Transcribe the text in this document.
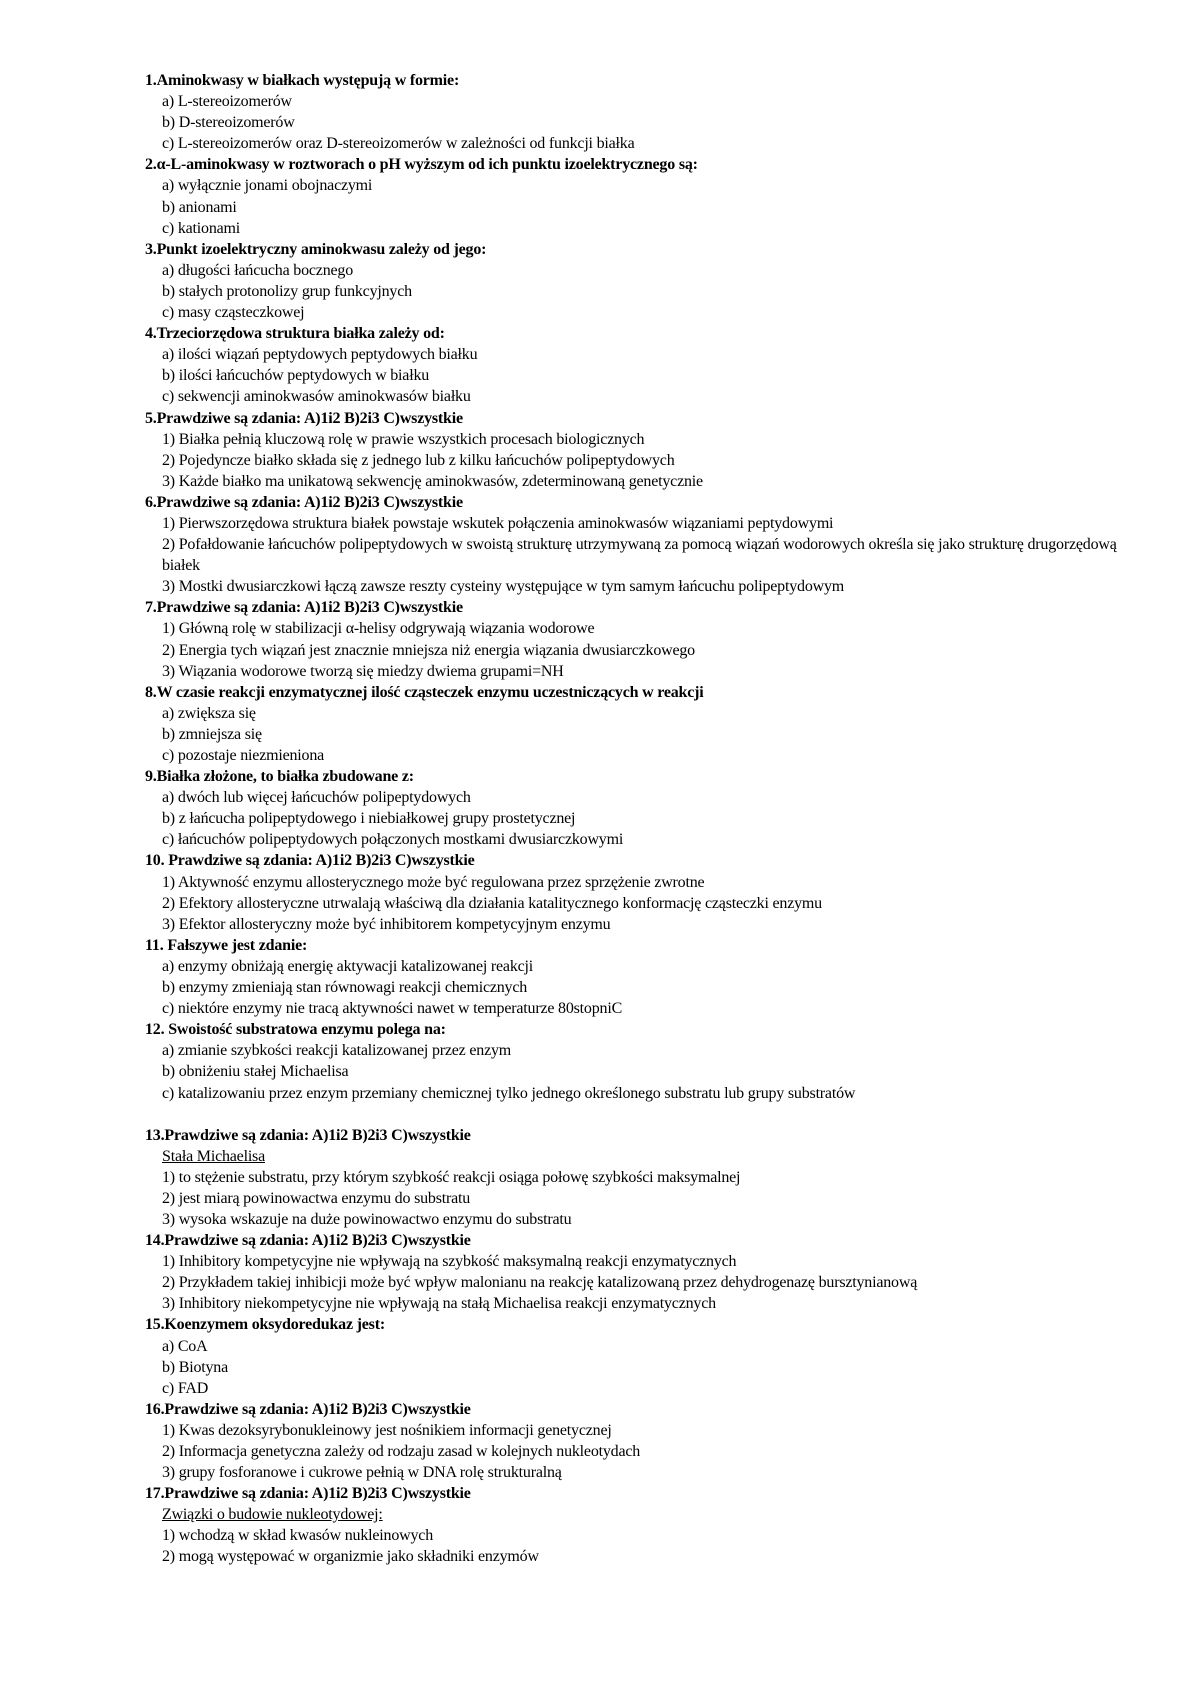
1.Aminokwasy w białkach występują w formie:
a) L-stereoizomerów
b) D-stereoizomerów
c) L-stereoizomerów oraz D-stereoizomerów w zależności od funkcji białka
2.α-L-aminokwasy w roztworach o pH wyższym od ich punktu izoelektrycznego są:
a) wyłącznie jonami obojnaczymi
b) anionami
c) kationami
3.Punkt izoelektryczny aminokwasu zależy od jego:
a) długości łańcucha bocznego
b) stałych protonolizy grup funkcyjnych
c) masy cząsteczkowej
4.Trzeciorzędowa struktura białka zależy od:
a) ilości wiązań peptydowych peptydowych białku
b) ilości łańcuchów peptydowych w białku
c) sekwencji aminokwasów aminokwasów białku
5.Prawdziwe są zdania: A)1i2 B)2i3 C)wszystkie
1) Białka pełnią kluczową rolę w prawie wszystkich procesach biologicznych
2) Pojedyncze białko składa się z jednego lub z kilku łańcuchów polipeptydowych
3) Każde białko ma unikatową sekwencję aminokwasów, zdeterminowaną genetycznie
6.Prawdziwe są zdania: A)1i2 B)2i3 C)wszystkie
1) Pierwszorzędowa struktura białek powstaje wskutek połączenia aminokwasów wiązaniami peptydowymi
2) Pofałdowanie łańcuchów polipeptydowych w swoistą strukturę utrzymywaną za pomocą wiązań wodorowych określa się jako strukturę drugorzędową białek
3) Mostki dwusiarczkowi łączą zawsze reszty cysteiny występujące w tym samym łańcuchu polipeptydowym
7.Prawdziwe są zdania: A)1i2 B)2i3 C)wszystkie
1) Główną rolę w stabilizacji α-helisy odgrywają wiązania wodorowe
2) Energia tych wiązań jest znacznie mniejsza niż energia wiązania dwusiarczkowego
3) Wiązania wodorowe tworzą się miedzy dwiema grupami=NH
8.W czasie reakcji enzymatycznej ilość cząsteczek enzymu uczestniczących w reakcji
a) zwiększa się
b) zmniejsza się
c) pozostaje niezmieniona
9.Białka złożone, to białka zbudowane z:
a) dwóch lub więcej łańcuchów polipeptydowych
b) z łańcucha polipeptydowego i niebiałkowej grupy prostetycznej
c) łańcuchów polipeptydowych połączonych mostkami dwusiarczkowymi
10. Prawdziwe są zdania: A)1i2 B)2i3 C)wszystkie
1) Aktywność enzymu allosterycznego może być regulowana przez sprzężenie zwrotne
2) Efektory allosteryczne utrwalają właściwą dla działania katalitycznego konformację cząsteczki enzymu
3) Efektor allosteryczny może być inhibitorem kompetycyjnym enzymu
11. Fałszywe jest zdanie:
a) enzymy obniżają energię aktywacji katalizowanej reakcji
b) enzymy zmieniają stan równowagi reakcji chemicznych
c) niektóre enzymy nie tracą aktywności nawet w temperaturze 80stopniC
12. Swoistość substratowa enzymu polega na:
a) zmianie szybkości reakcji katalizowanej przez enzym
b) obniżeniu stałej Michaelisa
c) katalizowaniu przez enzym przemiany chemicznej tylko jednego określonego substratu lub grupy substratów
13.Prawdziwe są zdania: A)1i2 B)2i3 C)wszystkie
Stała Michaelisa
1) to stężenie substratu, przy którym szybkość reakcji osiąga połowę szybkości maksymalnej
2) jest miarą powinowactwa enzymu do substratu
3) wysoka wskazuje na duże powinowactwo enzymu do substratu
14.Prawdziwe są zdania: A)1i2 B)2i3 C)wszystkie
1) Inhibitory kompetycyjne nie wpływają na szybkość maksymalną reakcji enzymatycznych
2) Przykładem takiej inhibicji może być wpływ malonianu na reakcję katalizowaną przez dehydrogenazę bursztynianową
3) Inhibitory niekompetycyjne nie wpływają na stałą Michaelisa reakcji enzymatycznych
15.Koenzymem oksydoredukaz jest:
a) CoA
b) Biotyna
c) FAD
16.Prawdziwe są zdania: A)1i2 B)2i3 C)wszystkie
1) Kwas dezoksyrybonukleinowy jest nośnikiem informacji genetycznej
2) Informacja genetyczna zależy od rodzaju zasad w kolejnych nukleotydach
3) grupy fosforanowe i cukrowe pełnią w DNA rolę strukturalną
17.Prawdziwe są zdania: A)1i2 B)2i3 C)wszystkie
Związki o budowie nukleotydowej:
1) wchodzą w skład kwasów nukleinowych
2) mogą występować w organizmie jako składniki enzymów
